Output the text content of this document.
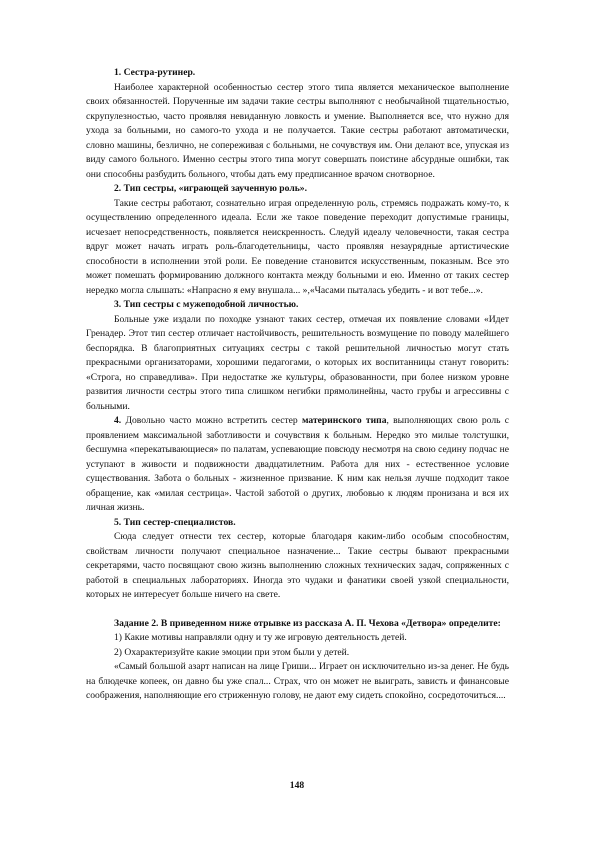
1. Сестра-рутинер.

Наиболее характерной особенностью сестер этого типа является механическое выполнение своих обязанностей. Порученные им задачи такие сестры выполняют с необычайной тщательностью, скрупулезностью, часто проявляя невиданную ловкость и умение. Выполняется все, что нужно для ухода за больными, но самого-то ухода и не получается. Такие сестры работают автоматически, словно машины, безлично, не сопереживая с больными, не сочувствуя им. Они делают все, упуская из виду самого больного. Именно сестры этого типа могут совершать поистине абсурдные ошибки, так они способны разбудить больного, чтобы дать ему предписанное врачом снотворное.

2. Тип сестры, «играющей заученную роль».

Такие сестры работают, сознательно играя определенную роль, стремясь подражать кому-то, к осуществлению определенного идеала. Если же такое поведение переходит допустимые границы, исчезает непосредственность, появляется неискренность. Следуй идеалу человечности, такая сестра вдруг может начать играть роль-благодетельницы, часто проявляя незаурядные артистические способности в исполнении этой роли. Ее поведение становится искусственным, показным. Все это может помешать формированию должного контакта между больными и ею. Именно от таких сестер нередко могла слышать: «Напрасно я ему внушала... »,«Часами пыталась убедить - и вот тебе...».

3. Тип сестры с мужеподобной личностью.

Больные уже издали по походке узнают таких сестер, отмечая их появление словами «Идет Гренадер. Этот тип сестер отличает настойчивость, решительность возмущение по поводу малейшего беспорядка. В благоприятных ситуациях сестры с такой решительной личностью могут стать прекрасными организаторами, хорошими педагогами, о которых их воспитанницы станут говорить: «Строга, но справедлива». При недостатке же культуры, образованности, при более низком уровне развития личности сестры этого типа слишком негибки прямолинейны, часто грубы и агрессивны с больными.

4. Довольно часто можно встретить сестер материнского типа, выполняющих свою роль с проявлением максимальной заботливости и сочувствия к больным. Нередко это милые толстушки, бесшумна «перекатывающиеся» по палатам, успевающие повсюду несмотря на свою седину подчас не уступают в живости и подвижности двадцатилетним. Работа для них - естественное условие существования. Забота о больных - жизненное призвание. К ним как нельзя лучше подходит такое обращение, как «милая сестрица». Частой заботой о других, любовью к людям пронизана и вся их личная жизнь.

5. Тип сестер-специалистов.

Сюда следует отнести тех сестер, которые благодаря каким-либо особым способностям, свойствам личности получают специальное назначение... Такие сестры бывают прекрасными секретарями, часто посвящают свою жизнь выполнению сложных технических задач, сопряженных с работой в специальных лабораториях. Иногда это чудаки и фанатики своей узкой специальности, которых не интересует больше ничего на свете.

Задание 2. В приведенном ниже отрывке из рассказа А. П. Чехова «Детвора» определите:

1) Какие мотивы направляли одну и ту же игровую деятельность детей.
2) Охарактеризуйте какие эмоции при этом были у детей.

«Самый большой азарт написан на лице Гриши... Играет он исключительно из-за денег. Не будь на блюдечке копеек, он давно бы уже спал... Страх, что он может не выиграть, зависть и финансовые соображения, наполняющие его стриженную голову, не дают ему сидеть спокойно, сосредоточиться....

148
